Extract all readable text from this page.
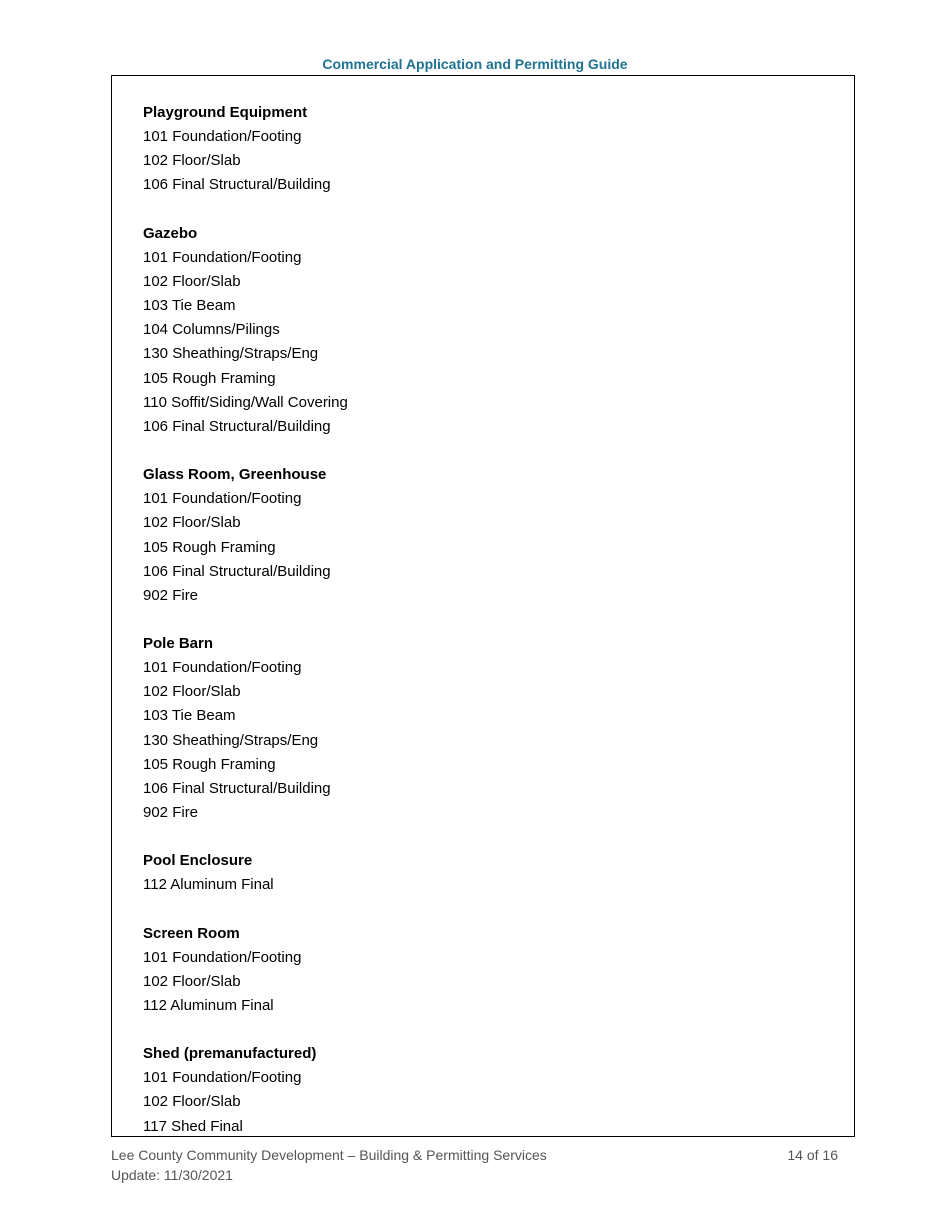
Commercial Application and Permitting Guide
Playground Equipment
101 Foundation/Footing
102 Floor/Slab
106 Final Structural/Building
Gazebo
101 Foundation/Footing
102 Floor/Slab
103 Tie Beam
104 Columns/Pilings
130 Sheathing/Straps/Eng
105 Rough Framing
110 Soffit/Siding/Wall Covering
106 Final Structural/Building
Glass Room, Greenhouse
101 Foundation/Footing
102 Floor/Slab
105 Rough Framing
106 Final Structural/Building
902 Fire
Pole Barn
101 Foundation/Footing
102 Floor/Slab
103 Tie Beam
130 Sheathing/Straps/Eng
105 Rough Framing
106 Final Structural/Building
902 Fire
Pool Enclosure
112 Aluminum Final
Screen Room
101 Foundation/Footing
102 Floor/Slab
112 Aluminum Final
Shed (premanufactured)
101 Foundation/Footing
102 Floor/Slab
117 Shed Final
Lee County Community Development – Building & Permitting Services	14 of 16
Update: 11/30/2021
